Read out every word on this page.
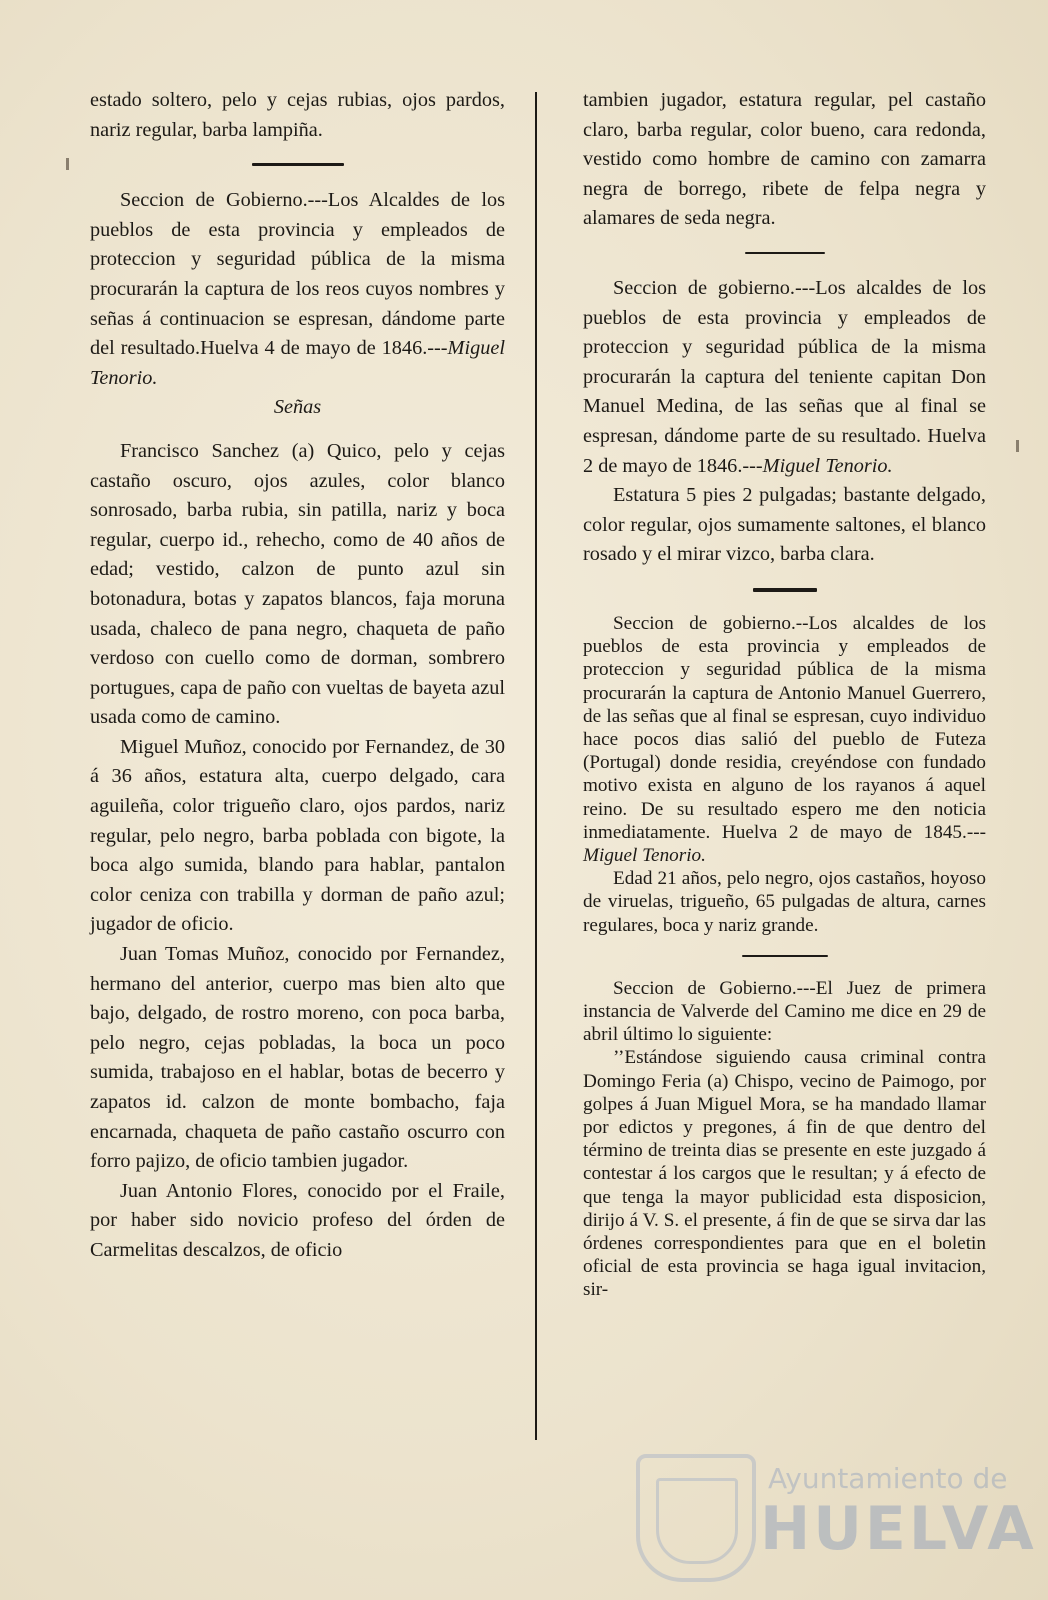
estado soltero, pelo y cejas rubias, ojos pardos, nariz regular, barba lampiña.

Seccion de Gobierno.---Los Alcaldes de los pueblos de esta provincia y empleados de proteccion y seguridad pública de la misma procurarán la captura de los reos cuyos nombres y señas á continuacion se espresan, dándome parte del resultado.Huelva 4 de mayo de 1846.---Miguel Tenorio.

Señas

Francisco Sanchez (a) Quico, pelo y cejas castaño oscuro, ojos azules, color blanco sonrosado, barba rubia, sin patilla, nariz y boca regular, cuerpo id., rehecho, como de 40 años de edad; vestido, calzon de punto azul sin botonadura, botas y zapatos blancos, faja moruna usada, chaleco de pana negro, chaqueta de paño verdoso con cuello como de dorman, sombrero portugues, capa de paño con vueltas de bayeta azul usada como de camino.

Miguel Muñoz, conocido por Fernandez, de 30 á 36 años, estatura alta, cuerpo delgado, cara aguileña, color trigueño claro, ojos pardos, nariz regular, pelo negro, barba poblada con bigote, la boca algo sumida, blando para hablar, pantalon color ceniza con trabilla y dorman de paño azul; jugador de oficio.

Juan Tomas Muñoz, conocido por Fernandez, hermano del anterior, cuerpo mas bien alto que bajo, delgado, de rostro moreno, con poca barba, pelo negro, cejas pobladas, la boca un poco sumida, trabajoso en el hablar, botas de becerro y zapatos id. calzon de monte bombacho, faja encarnada, chaqueta de paño castaño oscurro con forro pajizo, de oficio tambien jugador.

Juan Antonio Flores, conocido por el Fraile, por haber sido novicio profeso del órden de Carmelitas descalzos, de oficio

tambien jugador, estatura regular, pel castaño claro, barba regular, color bueno, cara redonda, vestido como hombre de camino con zamarra negra de borrego, ribete de felpa negra y alamares de seda negra.

Seccion de gobierno.---Los alcaldes de los pueblos de esta provincia y empleados de proteccion y seguridad pública de la misma procurarán la captura del teniente capitan Don Manuel Medina, de las señas que al final se espresan, dándome parte de su resultado. Huelva 2 de mayo de 1846.---Miguel Tenorio.

Estatura 5 pies 2 pulgadas; bastante delgado, color regular, ojos sumamente saltones, el blanco rosado y el mirar vizco, barba clara.

Seccion de gobierno.--Los alcaldes de los pueblos de esta provincia y empleados de proteccion y seguridad pública de la misma procurarán la captura de Antonio Manuel Guerrero, de las señas que al final se espresan, cuyo individuo hace pocos dias salió del pueblo de Futeza (Portugal) donde residia, creyéndose con fundado motivo exista en alguno de los rayanos á aquel reino. De su resultado espero me den noticia inmediatamente. Huelva 2 de mayo de 1845.---Miguel Tenorio.

Edad 21 años, pelo negro, ojos castaños, hoyoso de viruelas, trigueño, 65 pulgadas de altura, carnes regulares, boca y nariz grande.

Seccion de Gobierno.---El Juez de primera instancia de Valverde del Camino me dice en 29 de abril último lo siguiente:

’’Estándose siguiendo causa criminal contra Domingo Feria (a) Chispo, vecino de Paimogo, por golpes á Juan Miguel Mora, se ha mandado llamar por edictos y pregones, á fin de que dentro del término de treinta dias se presente en este juzgado á contestar á los cargos que le resultan; y á efecto de que tenga la mayor publicidad esta disposicion, dirijo á V. S. el presente, á fin de que se sirva dar las órdenes correspondientes para que en el boletin oficial de esta provincia se haga igual invitacion, sir-

Ayuntamiento de
HUELVA
